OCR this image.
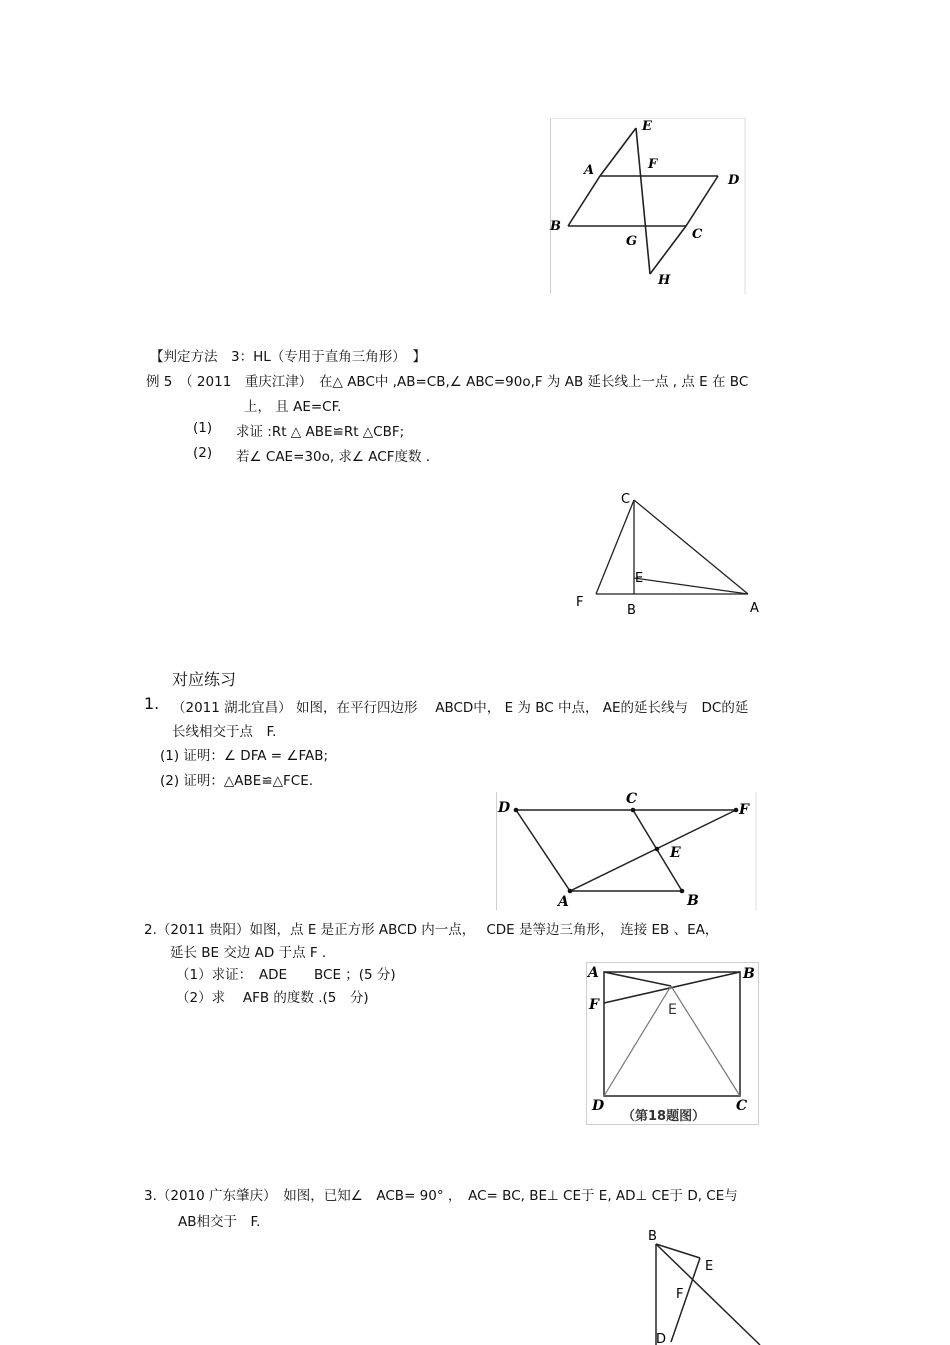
E
A	F
D
B
G	C
H
【判定方法　3：HL（专用于直角三角形）　】
例 5　（ 2011　重庆江津）　在△ ABC中 ,AB=CB,∠ ABC=90o,F 为 AB 延长线上一点 , 点 E 在 BC
上， 且 AE=CF.
(1) 求证 :Rt △ ABE≌Rt △CBF;
(2) 若∠ CAE=30o, 求∠ ACF度数 .
C
E
F
B	A
对应练习
1. （2011 湖北宜昌） 如图，在平行四边形　 ABCD中， E 为 BC 中点， AE的延长线与　DC的延
长线相交于点　F.
(1) 证明：∠ DFA = ∠FAB;
(2) 证明：△ABE≌△FCE.
D
C
F
E
A	B
2.（2011 贵阳）如图，点 E 是正方形 ABCD 内一点，　 CDE 是等边三角形，　连接 EB 、EA，
延长 BE 交边 AD 于点 F .
（1）求证：　ADE　　BCE ；(5 分)
（2）求　 AFB 的度数 .(5　分)
A	B
F	E
D	C
（第18题图）
3.（2010 广东肇庆）　如图，已知∠　ACB= 90° ，　AC= BC, BE⊥ CE于 E, AD⊥ CE于 D, CE与
AB相交于　F.
B
E
F
D
